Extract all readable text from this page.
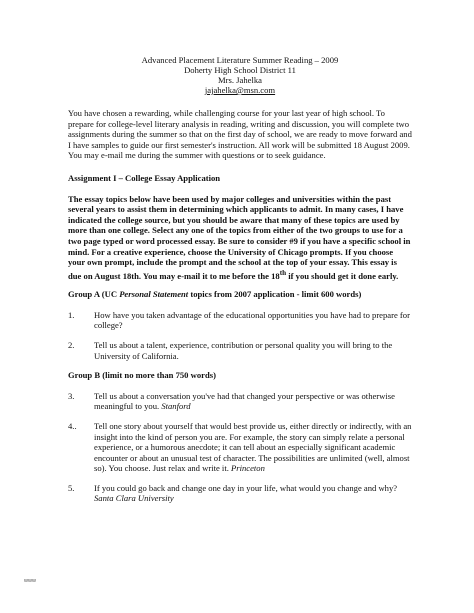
Advanced Placement Literature Summer Reading – 2009
Doherty High School District 11
Mrs. Jahelka
jajahelka@msn.com

You have chosen a rewarding, while challenging course for your last year of high school. To prepare for college-level literary analysis in reading, writing and discussion, you will complete two assignments during the summer so that on the first day of school, we are ready to move forward and I have samples to guide our first semester's instruction. All work will be submitted 18 August 2009. You may e-mail me during the summer with questions or to seek guidance.

Assignment I – College Essay Application

The essay topics below have been used by major colleges and universities within the past several years to assist them in determining which applicants to admit. In many cases, I have indicated the college source, but you should be aware that many of these topics are used by more than one college. Select any one of the topics from either of the two groups to use for a two page typed or word processed essay. Be sure to consider #9 if you have a specific school in mind. For a creative experience, choose the University of Chicago prompts. If you choose your own prompt, include the prompt and the school at the top of your essay. This essay is due on August 18th. You may e-mail it to me before the 18th if you should get it done early.

Group A (UC Personal Statement topics from 2007 application - limit 600 words)
1.	How have you taken advantage of the educational opportunities you have had to prepare for college?
2.	Tell us about a talent, experience, contribution or personal quality you will bring to the University of California.
Group B (limit no more than 750 words)
3.	Tell us about a conversation you've had that changed your perspective or was otherwise meaningful to you. Stanford
4..	Tell one story about yourself that would best provide us, either directly or indirectly, with an insight into the kind of person you are. For example, the story can simply relate a personal experience, or a humorous anecdote; it can tell about an especially significant academic encounter or about an unusual test of character. The possibilities are unlimited (well, almost so). You choose. Just relax and write it. Princeton
5.	If you could go back and change one day in your life, what would you change and why? Santa Clara University
www
